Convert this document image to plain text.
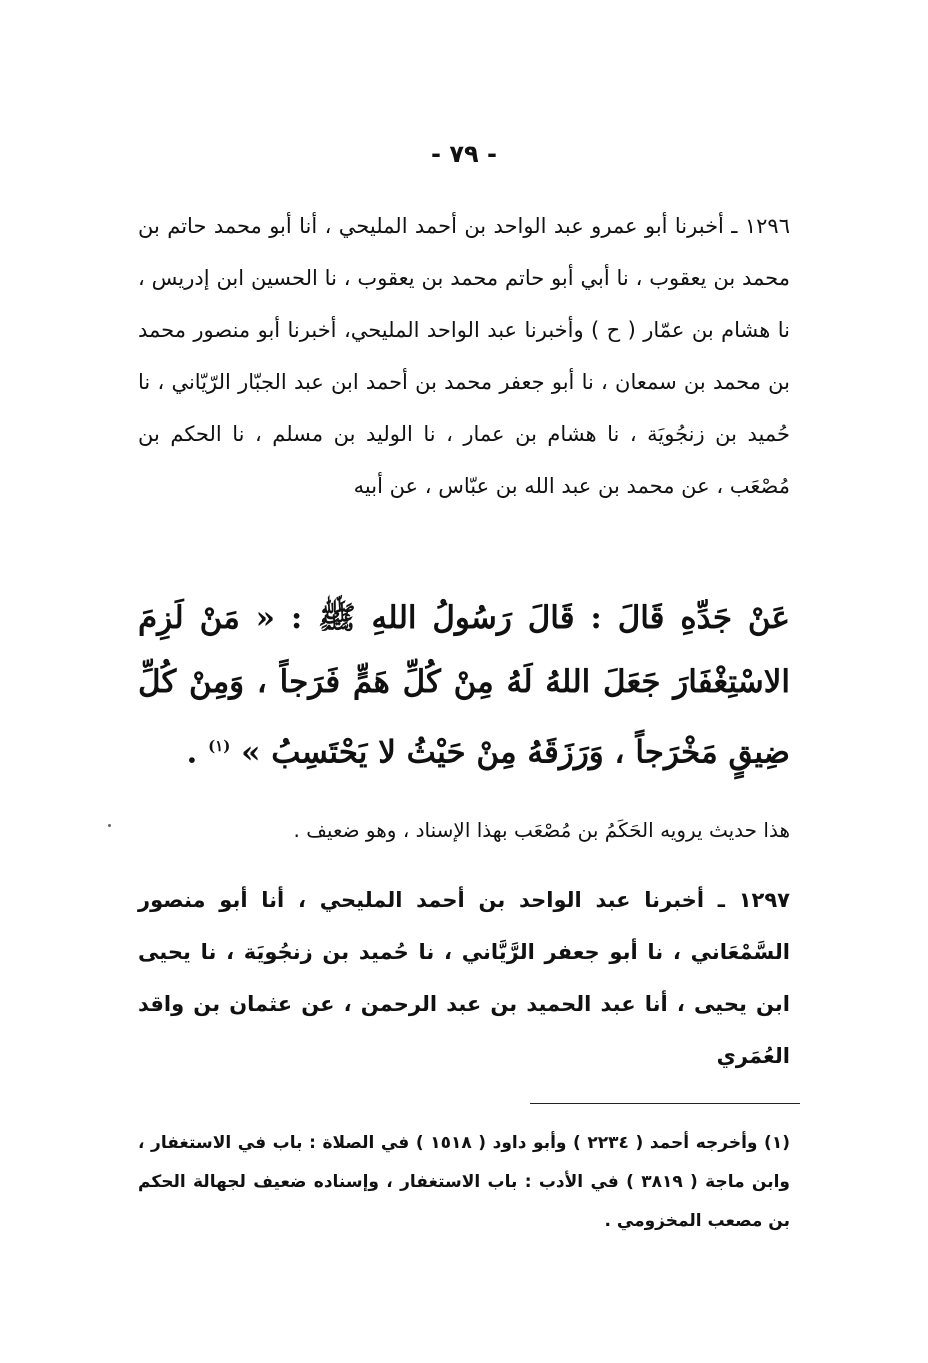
- ٧٩ -
١٢٩٦ ـ أخبرنا أبو عمرو عبد الواحد بن أحمد المليحي ، أنا أبو محمد حاتم بن محمد بن يعقوب ، نا أبي أبو حاتم محمد بن يعقوب ، نا الحسين ابن إدريس ، نا هشام بن عمّار ( ح ) وأخبرنا عبد الواحد المليحي، أخبرنا أبو منصور محمد بن محمد بن سمعان ، نا أبو جعفر محمد بن أحمد ابن عبد الجبّار الرّيّاني ، نا حُميد بن زنجُويَة ، نا هشام بن عمار ، نا الوليد بن مسلم ، نا الحكم بن مُصْعَب ، عن محمد بن عبد الله بن عبّاس ، عن أبيه
عَنْ جَدِّهِ قَالَ : قَالَ رَسُولُ اللهِ ﷺ : « مَنْ لَزِمَ الاسْتِغْفَارَ جَعَلَ اللهُ لَهُ مِنْ كُلِّ هَمٍّ فَرَجاً ، وَمِنْ كُلِّ ضِيقٍ مَخْرَجاً ، وَرَزَقَهُ مِنْ حَيْثُ لا يَحْتَسِبُ » $^{(١)}$ .
هذا حديث يرويه الحَكَمُ بن مُصْعَب بهذا الإسناد ، وهو ضعيف .
١٢٩٧ ـ أخبرنا عبد الواحد بن أحمد المليحي ، أنا أبو منصور السَّمْعَاني ، نا أبو جعفر الرَّيَّاني ، نا حُميد بن زنجُويَة ، نا يحيى ابن يحيى ، أنا عبد الحميد بن عبد الرحمن ، عن عثمان بن واقد العُمَري
(١) وأخرجه أحمد ( ٢٢٣٤ ) وأبو داود ( ١٥١٨ ) في الصلاة : باب في الاستغفار ، وابن ماجة ( ٣٨١٩ ) في الأدب : باب الاستغفار ، وإسناده ضعيف لجهالة الحكم بن مصعب المخزومي .
